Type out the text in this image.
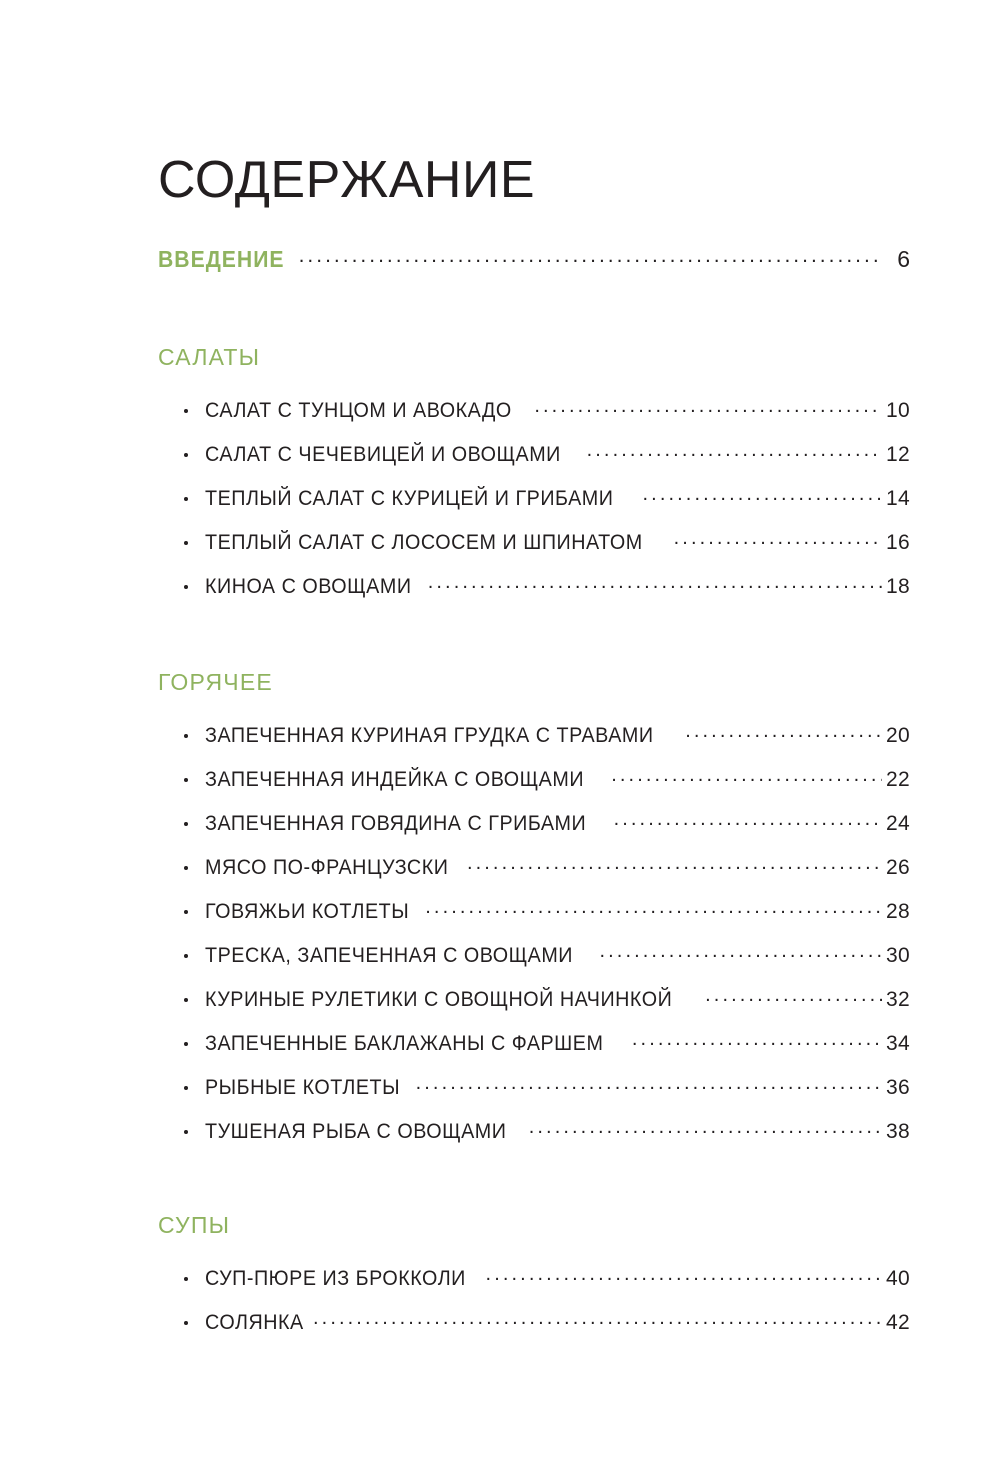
СОДЕРЖАНИЕ
ВВЕДЕНИЕ .....	6
САЛАТЫ
САЛАТ С ТУНЦОМ И АВОКАДО .....	10
САЛАТ С ЧЕЧЕВИЦЕЙ И ОВОЩАМИ .....	12
ТЕПЛЫЙ САЛАТ С КУРИЦЕЙ И ГРИБАМИ .....	14
ТЕПЛЫЙ САЛАТ С ЛОСОСЕМ И ШПИНАТОМ .....	16
КИНОА С ОВОЩАМИ .....	18
ГОРЯЧЕЕ
ЗАПЕЧЕННАЯ КУРИНАЯ ГРУДКА С ТРАВАМИ .....	20
ЗАПЕЧЕННАЯ ИНДЕЙКА С ОВОЩАМИ .....	22
ЗАПЕЧЕННАЯ ГОВЯДИНА С ГРИБАМИ .....	24
МЯСО ПО-ФРАНЦУЗСКИ .....	26
ГОВЯЖЬИ КОТЛЕТЫ .....	28
ТРЕСКА, ЗАПЕЧЕННАЯ С ОВОЩАМИ .....	30
КУРИНЫЕ РУЛЕТИКИ С ОВОЩНОЙ НАЧИНКОЙ .....	32
ЗАПЕЧЕННЫЕ БАКЛАЖАНЫ С ФАРШЕМ .....	34
РЫБНЫЕ КОТЛЕТЫ .....	36
ТУШЕНАЯ РЫБА С ОВОЩАМИ .....	38
СУПЫ
СУП-ПЮРЕ ИЗ БРОККОЛИ .....	40
СОЛЯНКА .....	42
